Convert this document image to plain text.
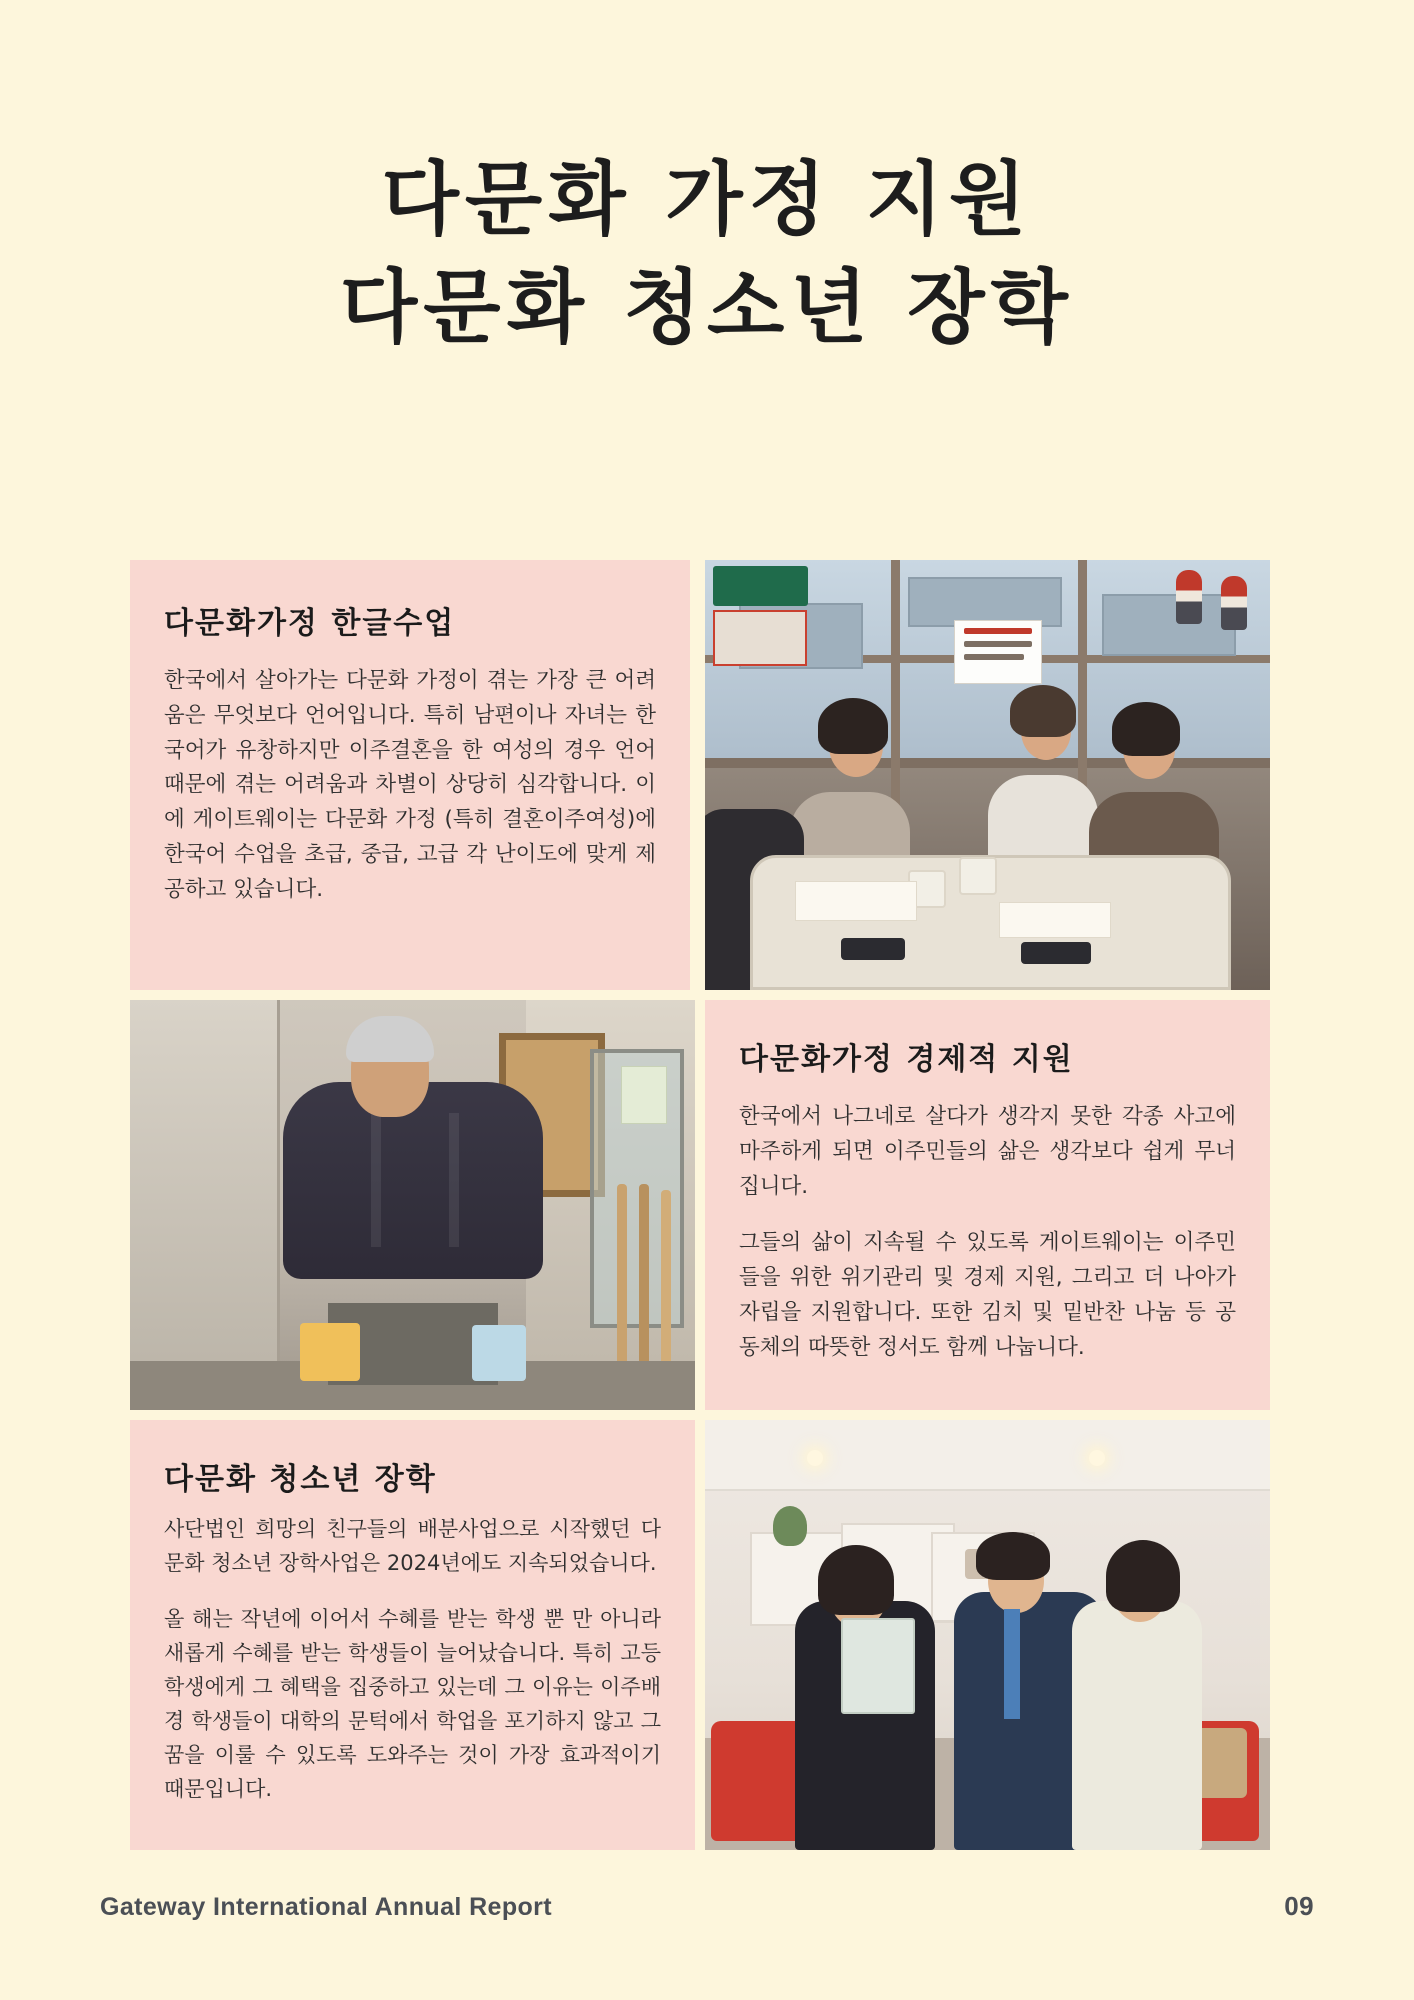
다문화 가정 지원
다문화 청소년 장학
다문화가정 한글수업

한국에서 살아가는 다문화 가정이 겪는 가장 큰 어려움은 무엇보다 언어입니다. 특히 남편이나 자녀는 한국어가 유창하지만 이주결혼을 한 여성의 경우 언어때문에 겪는 어려움과 차별이 상당히 심각합니다. 이에 게이트웨이는 다문화 가정 (특히 결혼이주여성)에 한국어 수업을 초급, 중급, 고급 각 난이도에 맞게 제공하고 있습니다.

다문화가정 경제적 지원

한국에서 나그네로 살다가 생각지 못한 각종 사고에 마주하게 되면 이주민들의 삶은 생각보다 쉽게 무너집니다.

그들의 삶이 지속될 수 있도록 게이트웨이는 이주민들을 위한 위기관리 및 경제 지원, 그리고 더 나아가 자립을 지원합니다. 또한 김치 및 밑반찬 나눔 등 공동체의 따뜻한 정서도 함께 나눕니다.

다문화 청소년 장학

사단법인 희망의 친구들의 배분사업으로 시작했던 다문화 청소년 장학사업은 2024년에도 지속되었습니다.

올 해는 작년에 이어서 수혜를 받는 학생 뿐 만 아니라 새롭게 수혜를 받는 학생들이 늘어났습니다. 특히 고등학생에게 그 혜택을 집중하고 있는데 그 이유는 이주배경 학생들이 대학의 문턱에서 학업을 포기하지 않고 그 꿈을 이룰 수 있도록 도와주는 것이 가장 효과적이기 때문입니다.

Gateway International Annual Report	09
